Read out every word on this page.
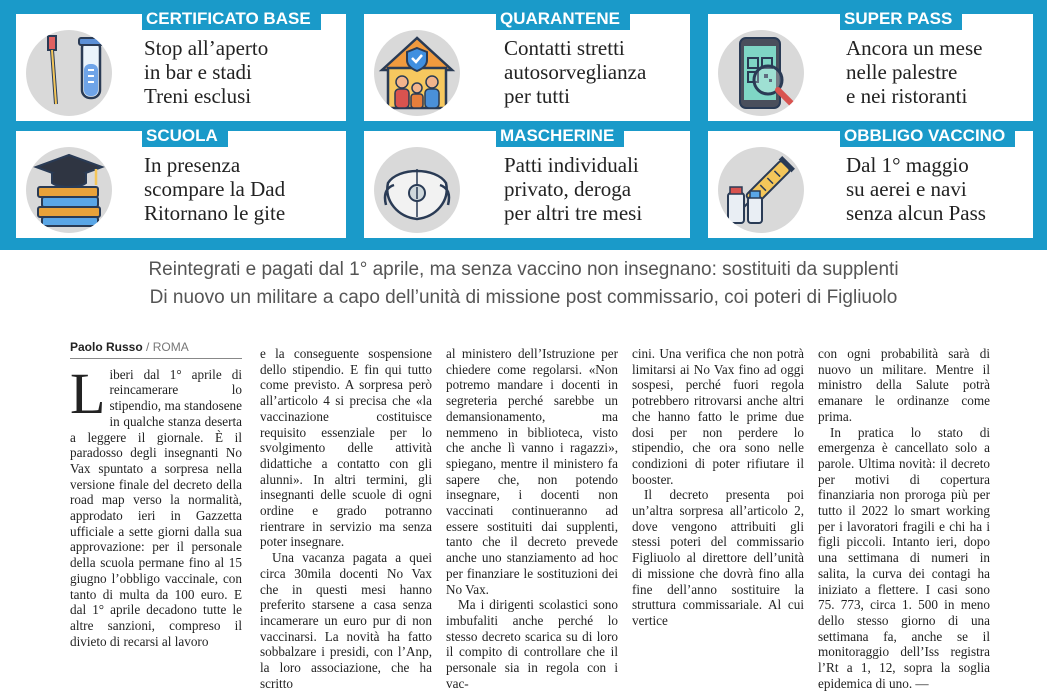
CERTIFICATO BASE
Stop all’aperto
in bar e stadi
Treni esclusi
QUARANTENE
Contatti stretti
autosorveglianza
per tutti
SUPER PASS
Ancora un mese
nelle palestre
e nei ristoranti
SCUOLA
In presenza
scompare la Dad
Ritornano le gite
MASCHERINE
Patti individuali
privato, deroga
per altri tre mesi
OBBLIGO VACCINO
Dal 1° maggio
su aerei e navi
senza alcun Pass
Reintegrati e pagati dal 1° aprile, ma senza vaccino non insegnano: sostituiti da supplenti
Di nuovo un militare a capo dell’unità di missione post commissario, coi poteri di Figliuolo
Paolo Russo / ROMA

Liberi dal 1° aprile di reincamerare lo stipendio, ma standosene in qualche stanza deserta a leggere il giornale. È il paradosso degli insegnanti No Vax spuntato a sorpresa nella versione finale del decreto della road map verso la normalità, approdato ieri in Gazzetta ufficiale a sette giorni dalla sua approvazione: per il personale della scuola permane fino al 15 giugno l’obbligo vaccinale, con tanto di multa da 100 euro. E dal 1° aprile decadono tutte le altre sanzioni, compreso il divieto di recarsi al lavoro

e la conseguente sospensione dello stipendio. E fin qui tutto come previsto. A sorpresa però all’articolo 4 si precisa che «la vaccinazione costituisce requisito essenziale per lo svolgimento delle attività didattiche a contatto con gli alunni». In altri termini, gli insegnanti delle scuole di ogni ordine e grado potranno rientrare in servizio ma senza poter insegnare.

Una vacanza pagata a quei circa 30mila docenti No Vax che in questi mesi hanno preferito starsene a casa senza incamerare un euro pur di non vaccinarsi. La novità ha fatto sobbalzare i presidi, con l’Anp, la loro associazione, che ha scritto

al ministero dell’Istruzione per chiedere come regolarsi. «Non potremo mandare i docenti in segreteria perché sarebbe un demansionamento, ma nemmeno in biblioteca, visto che anche lì vanno i ragazzi», spiegano, mentre il ministero fa sapere che, non potendo insegnare, i docenti non vaccinati continueranno ad essere sostituiti dai supplenti, tanto che il decreto prevede anche uno stanziamento ad hoc per finanziare le sostituzioni dei No Vax.

Ma i dirigenti scolastici sono imbufaliti anche perché lo stesso decreto scarica su di loro il compito di controllare che il personale sia in regola con i vac-

cini. Una verifica che non potrà limitarsi ai No Vax fino ad oggi sospesi, perché fuori regola potrebbero ritrovarsi anche altri che hanno fatto le prime due dosi per non perdere lo stipendio, che ora sono nelle condizioni di poter rifiutare il booster.

Il decreto presenta poi un’altra sorpresa all’articolo 2, dove vengono attribuiti gli stessi poteri del commissario Figliuolo al direttore dell’unità di missione che dovrà fino alla fine dell’anno sostituire la struttura commissariale. Al cui vertice

con ogni probabilità sarà di nuovo un militare. Mentre il ministro della Salute potrà emanare le ordinanze come prima.

In pratica lo stato di emergenza è cancellato solo a parole. Ultima novità: il decreto per motivi di copertura finanziaria non proroga più per tutto il 2022 lo smart working per i lavoratori fragili e chi ha i figli piccoli. Intanto ieri, dopo una settimana di numeri in salita, la curva dei contagi ha iniziato a flettere. I casi sono 75. 773, circa 1. 500 in meno dello stesso giorno di una settimana fa, anche se il monitoraggio dell’Iss registra l’Rt a 1, 12, sopra la soglia epidemica di uno. —
